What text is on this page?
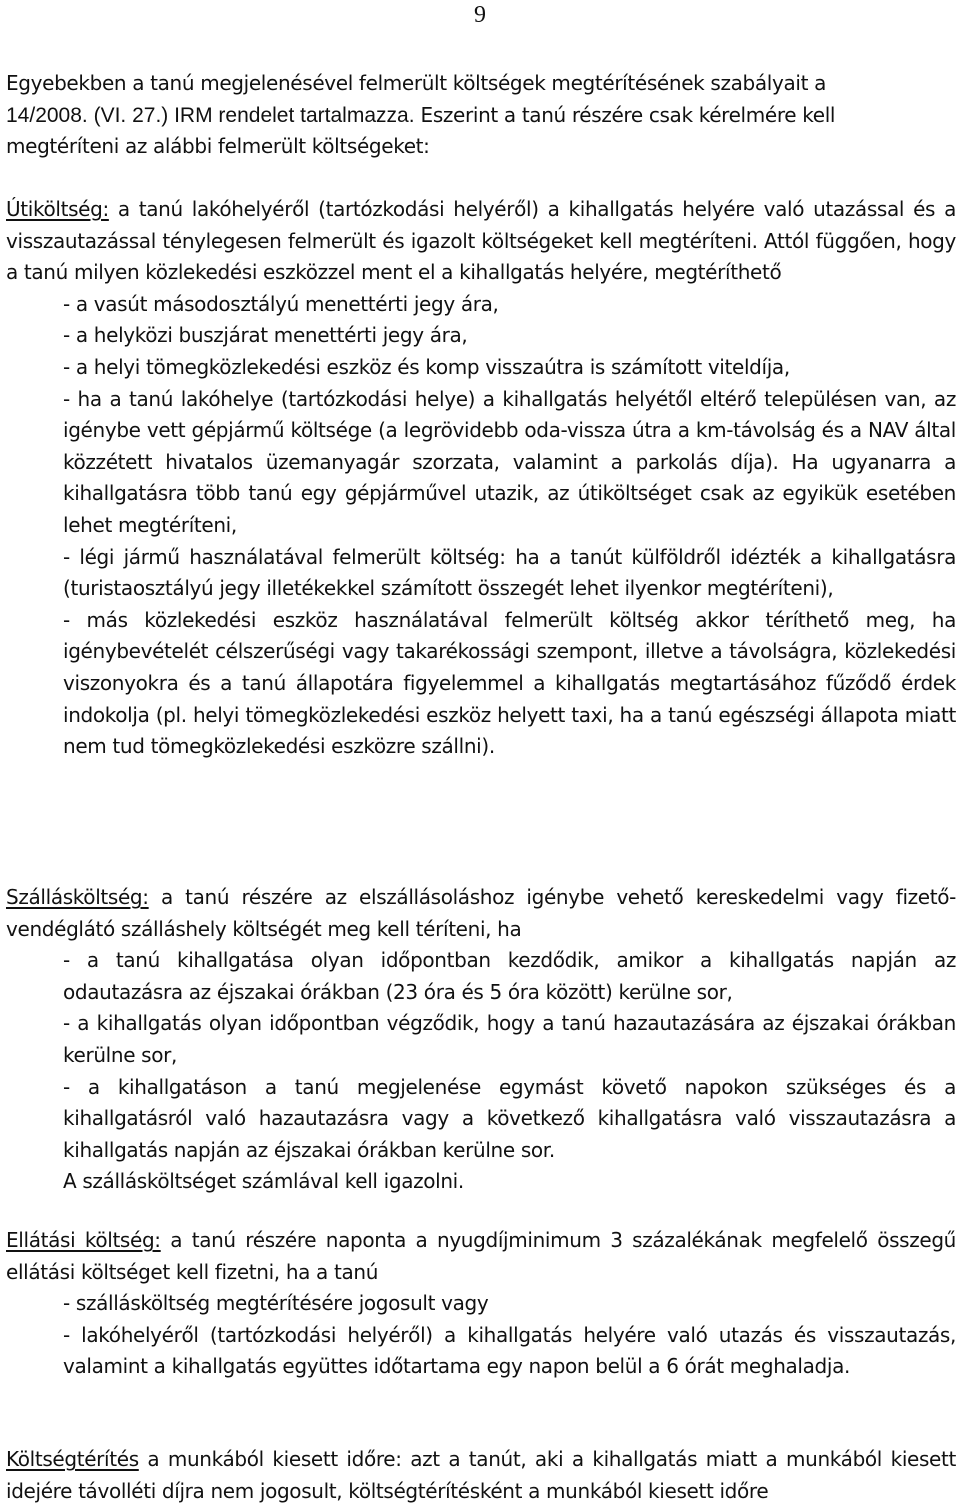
9

Egyebekben a tanú megjelenésével felmerült költségek megtérítésének szabályait a
14/2008. (VI. 27.) IRM rendelet tartalmazza. Eszerint a tanú részére csak kérelmére kell
megtéríteni az alábbi felmerült költségeket:

Útiköltség: a tanú lakóhelyéről (tartózkodási helyéről) a kihallgatás helyére való utazással és a visszautazással ténylegesen felmerült és igazolt költségeket kell megtéríteni. Attól függően, hogy a tanú milyen közlekedési eszközzel ment el a kihallgatás helyére, megtéríthető

- a vasút másodosztályú menettérti jegy ára,

- a helyközi buszjárat menettérti jegy ára,

- a helyi tömegközlekedési eszköz és komp visszaútra is számított viteldíja,

- ha a tanú lakóhelye (tartózkodási helye) a kihallgatás helyétől eltérő településen van, az igénybe vett gépjármű költsége (a legrövidebb oda-vissza útra a km-távolság és a NAV által közzétett hivatalos üzemanyagár szorzata, valamint a parkolás díja). Ha ugyanarra a kihallgatásra több tanú egy gépjárművel utazik, az útiköltséget csak az egyikük esetében lehet megtéríteni,

- légi jármű használatával felmerült költség: ha a tanút külföldről idézték a kihallgatásra (turistaosztályú jegy illetékekkel számított összegét lehet ilyenkor megtéríteni),

- más közlekedési eszköz használatával felmerült költség akkor téríthető meg, ha igénybevételét célszerűségi vagy takarékossági szempont, illetve a távolságra, közlekedési viszonyokra és a tanú állapotára figyelemmel a kihallgatás megtartásához fűződő érdek indokolja (pl. helyi tömegközlekedési eszköz helyett taxi, ha a tanú egészségi állapota miatt nem tud tömegközlekedési eszközre szállni).

Szállásköltség: a tanú részére az elszállásoláshoz igénybe vehető kereskedelmi vagy fizető-vendéglátó szálláshely költségét meg kell téríteni, ha

- a tanú kihallgatása olyan időpontban kezdődik, amikor a kihallgatás napján az odautazásra az éjszakai órákban (23 óra és 5 óra között) kerülne sor,

- a kihallgatás olyan időpontban végződik, hogy a tanú hazautazására az éjszakai órákban kerülne sor,

- a kihallgatáson a tanú megjelenése egymást követő napokon szükséges és a kihallgatásról való hazautazásra vagy a következő kihallgatásra való visszautazásra a kihallgatás napján az éjszakai órákban kerülne sor.

A szállásköltséget számlával kell igazolni.

Ellátási költség: a tanú részére naponta a nyugdíjminimum 3 százalékának megfelelő összegű ellátási költséget kell fizetni, ha a tanú

- szállásköltség megtérítésére jogosult vagy

- lakóhelyéről (tartózkodási helyéről) a kihallgatás helyére való utazás és visszautazás, valamint a kihallgatás együttes időtartama egy napon belül a 6 órát meghaladja.

Költségtérítés a munkából kiesett időre: azt a tanút, aki a kihallgatás miatt a munkából kiesett idejére távolléti díjra nem jogosult, költségtérítésként a munkából kiesett időre
